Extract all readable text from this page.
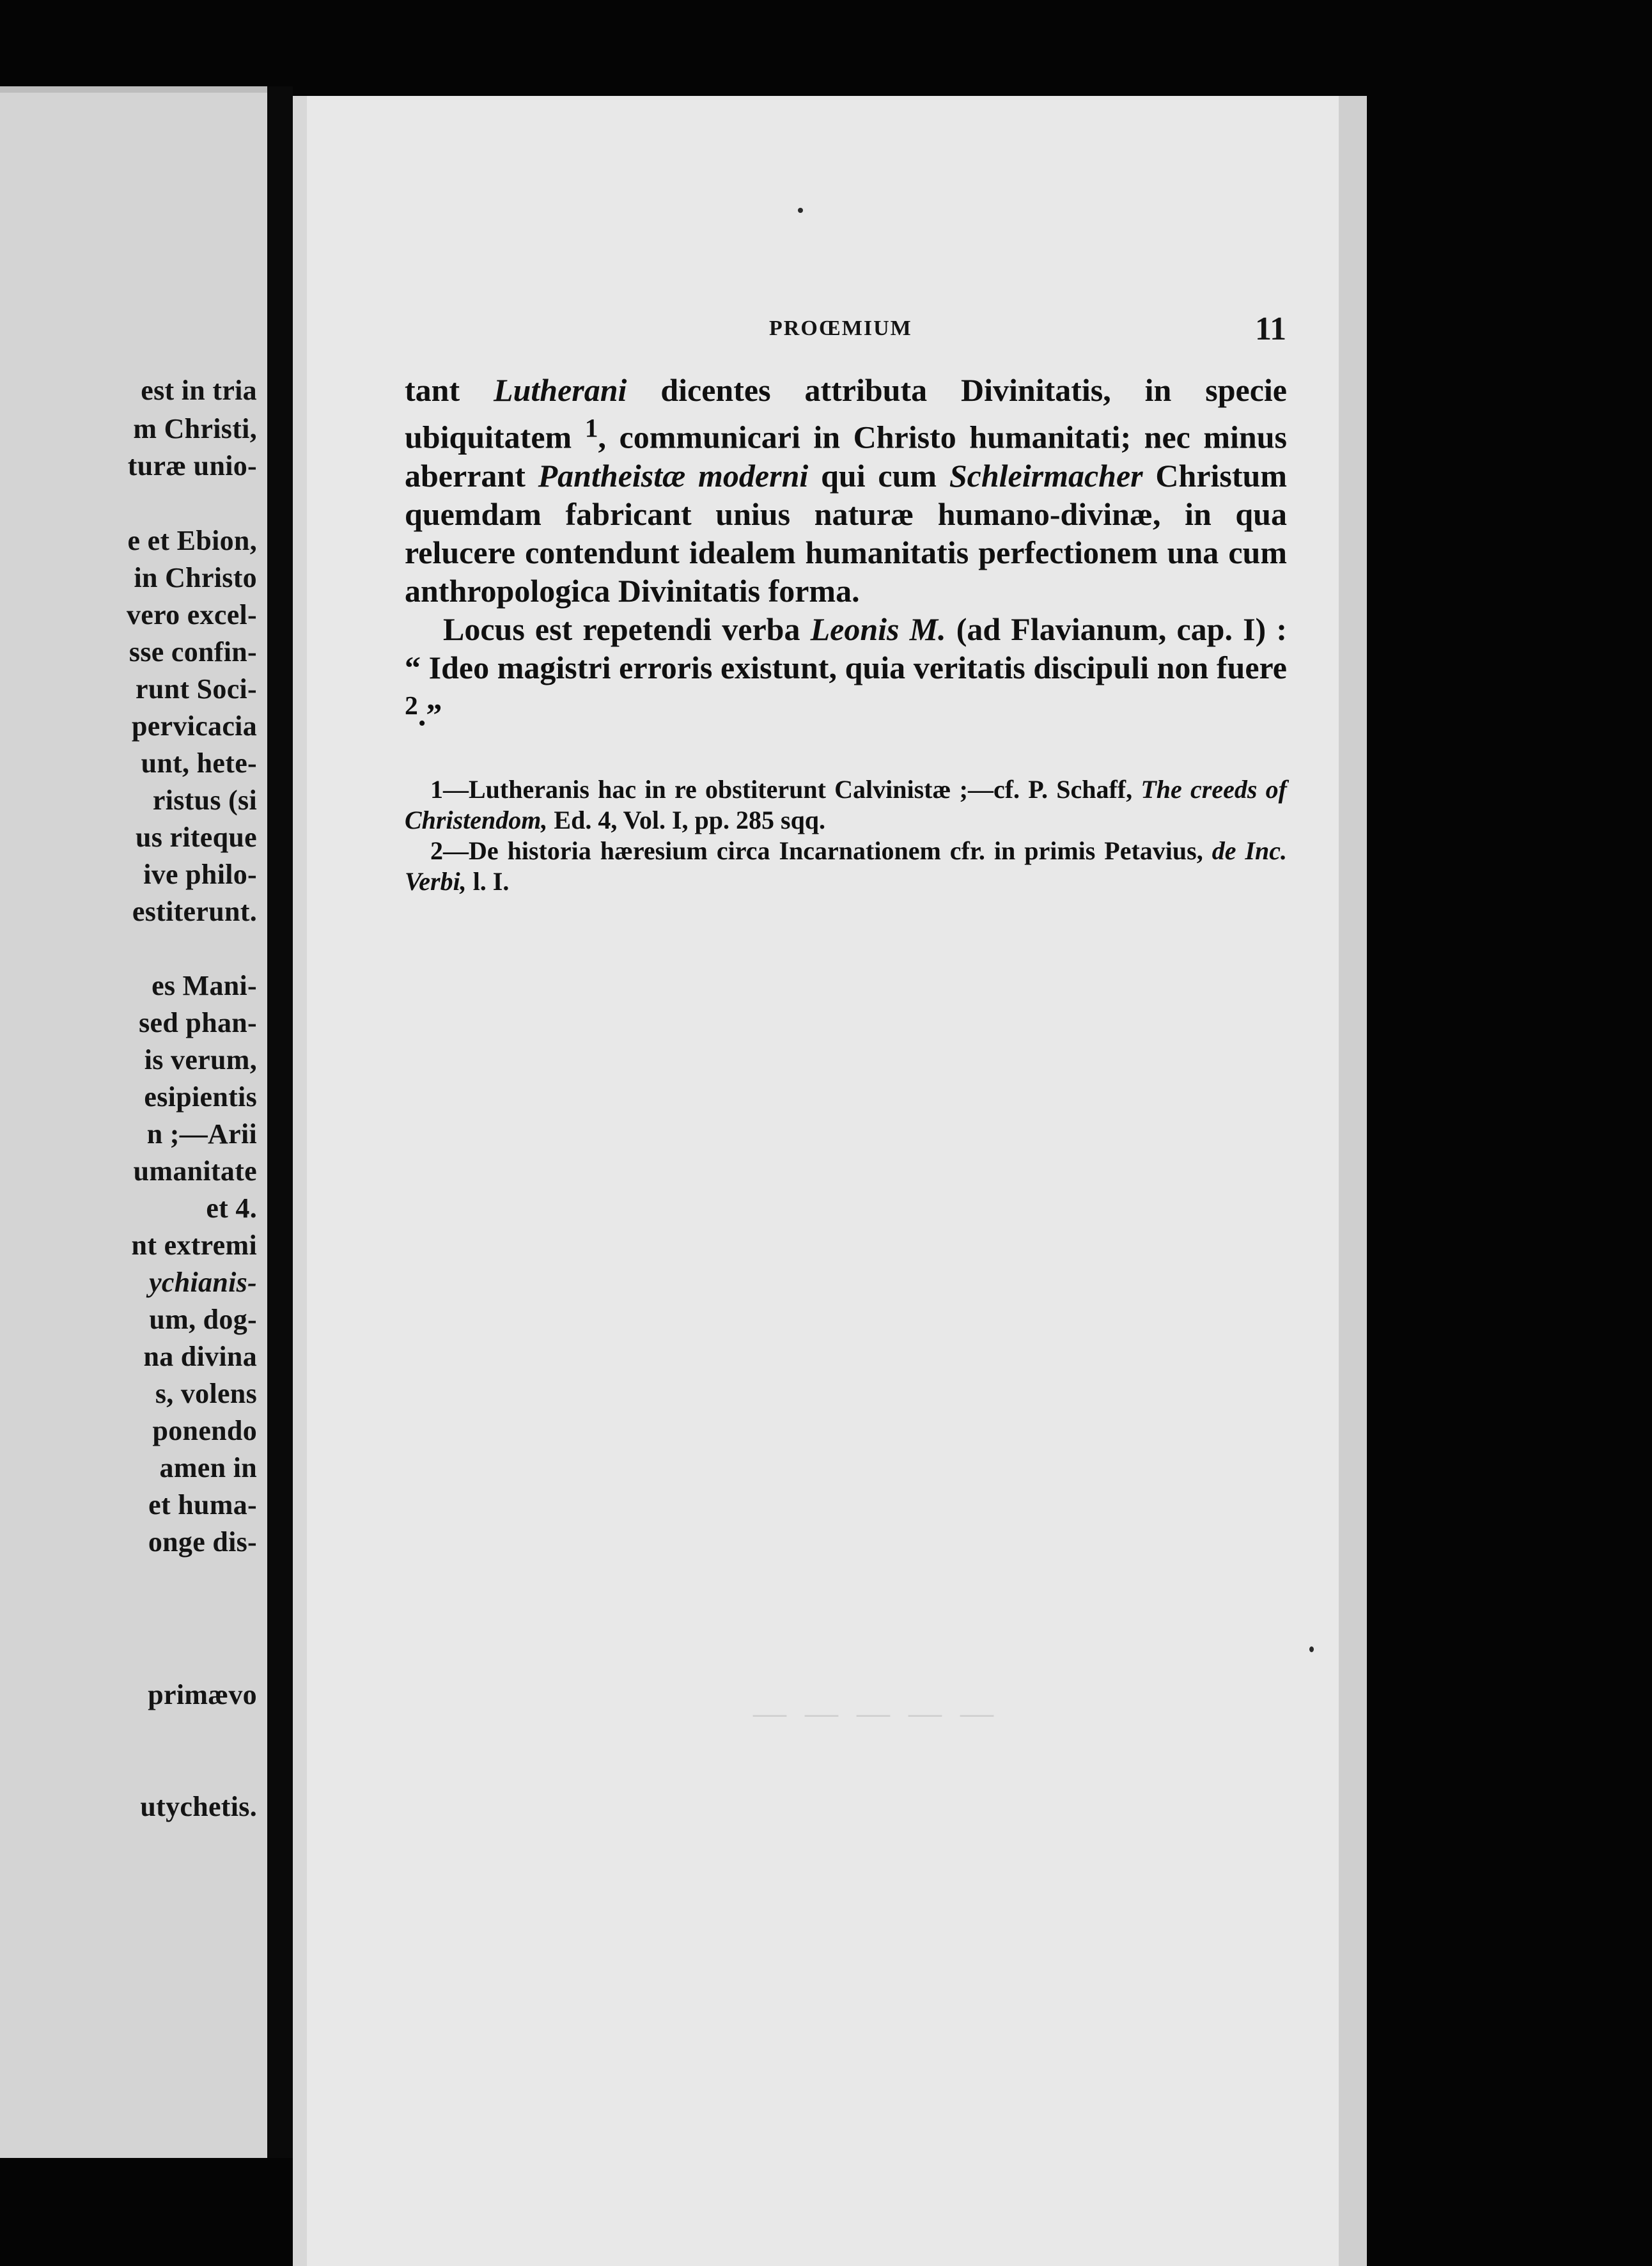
est in tria
m Christi,
turæ unio-
e et Ebion,
in Christo
vero excel-
sse confin-
runt Soci-
pervicacia
unt, hete-
ristus (si
us riteque
ive philo-
estiterunt.
es Mani-
sed phan-
is verum,
esipientis
n ;—Arii
umanitate
et 4.
nt extremi
ychianis-
um, dog-
na divina
s, volens
ponendo
amen in
et huma-
onge dis-
primævo
utychetis.
— — — — —
PROŒMIUM	11

tant Lutherani dicentes attributa Divinitatis, in specie ubiquitatem $^1$, communicari in Christo humanitati; nec minus aberrant Pantheistæ moderni qui cum Schleirmacher Christum quemdam fabricant unius naturæ humano-divinæ, in qua relucere contendunt idealem humanitatis perfectionem una cum anthropologica Divinitatis forma.

Locus est repetendi verba Leonis M. (ad Flavianum, cap. I) : “ Ideo magistri erroris existunt, quia veritatis discipuli non fuere $^2$.”

1—Lutheranis hac in re obstiterunt Calvinistæ ;—cf. P. Schaff, The creeds of Christendom, Ed. 4, Vol. I, pp. 285 sqq.

2—De historia hæresium circa Incarnationem cfr. in primis Petavius, de Inc. Verbi, l. I.
